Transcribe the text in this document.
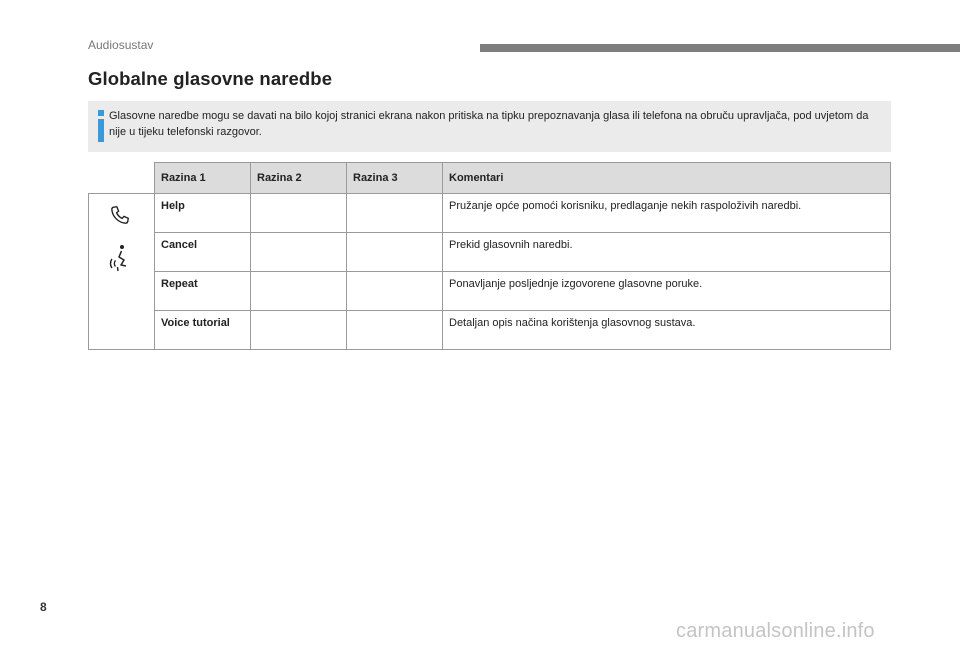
Audiosustav
Globalne glasovne naredbe
Glasovne naredbe mogu se davati na bilo kojoj stranici ekrana nakon pritiska na tipku prepoznavanja glasa ili telefona na obruču upravljača, pod uvjetom da nije u tijeku telefonski razgovor.
	Razina 1	Razina 2	Razina 3	Komentari

	Help			Pružanje opće pomoći korisniku, predlaganje nekih raspoloživih naredbi.
	Cancel			Prekid glasovnih naredbi.
	Repeat			Ponavljanje posljednje izgovorene glasovne poruke.
	Voice tutorial			Detaljan opis načina korištenja glasovnog sustava.
8
carmanualsonline.info
